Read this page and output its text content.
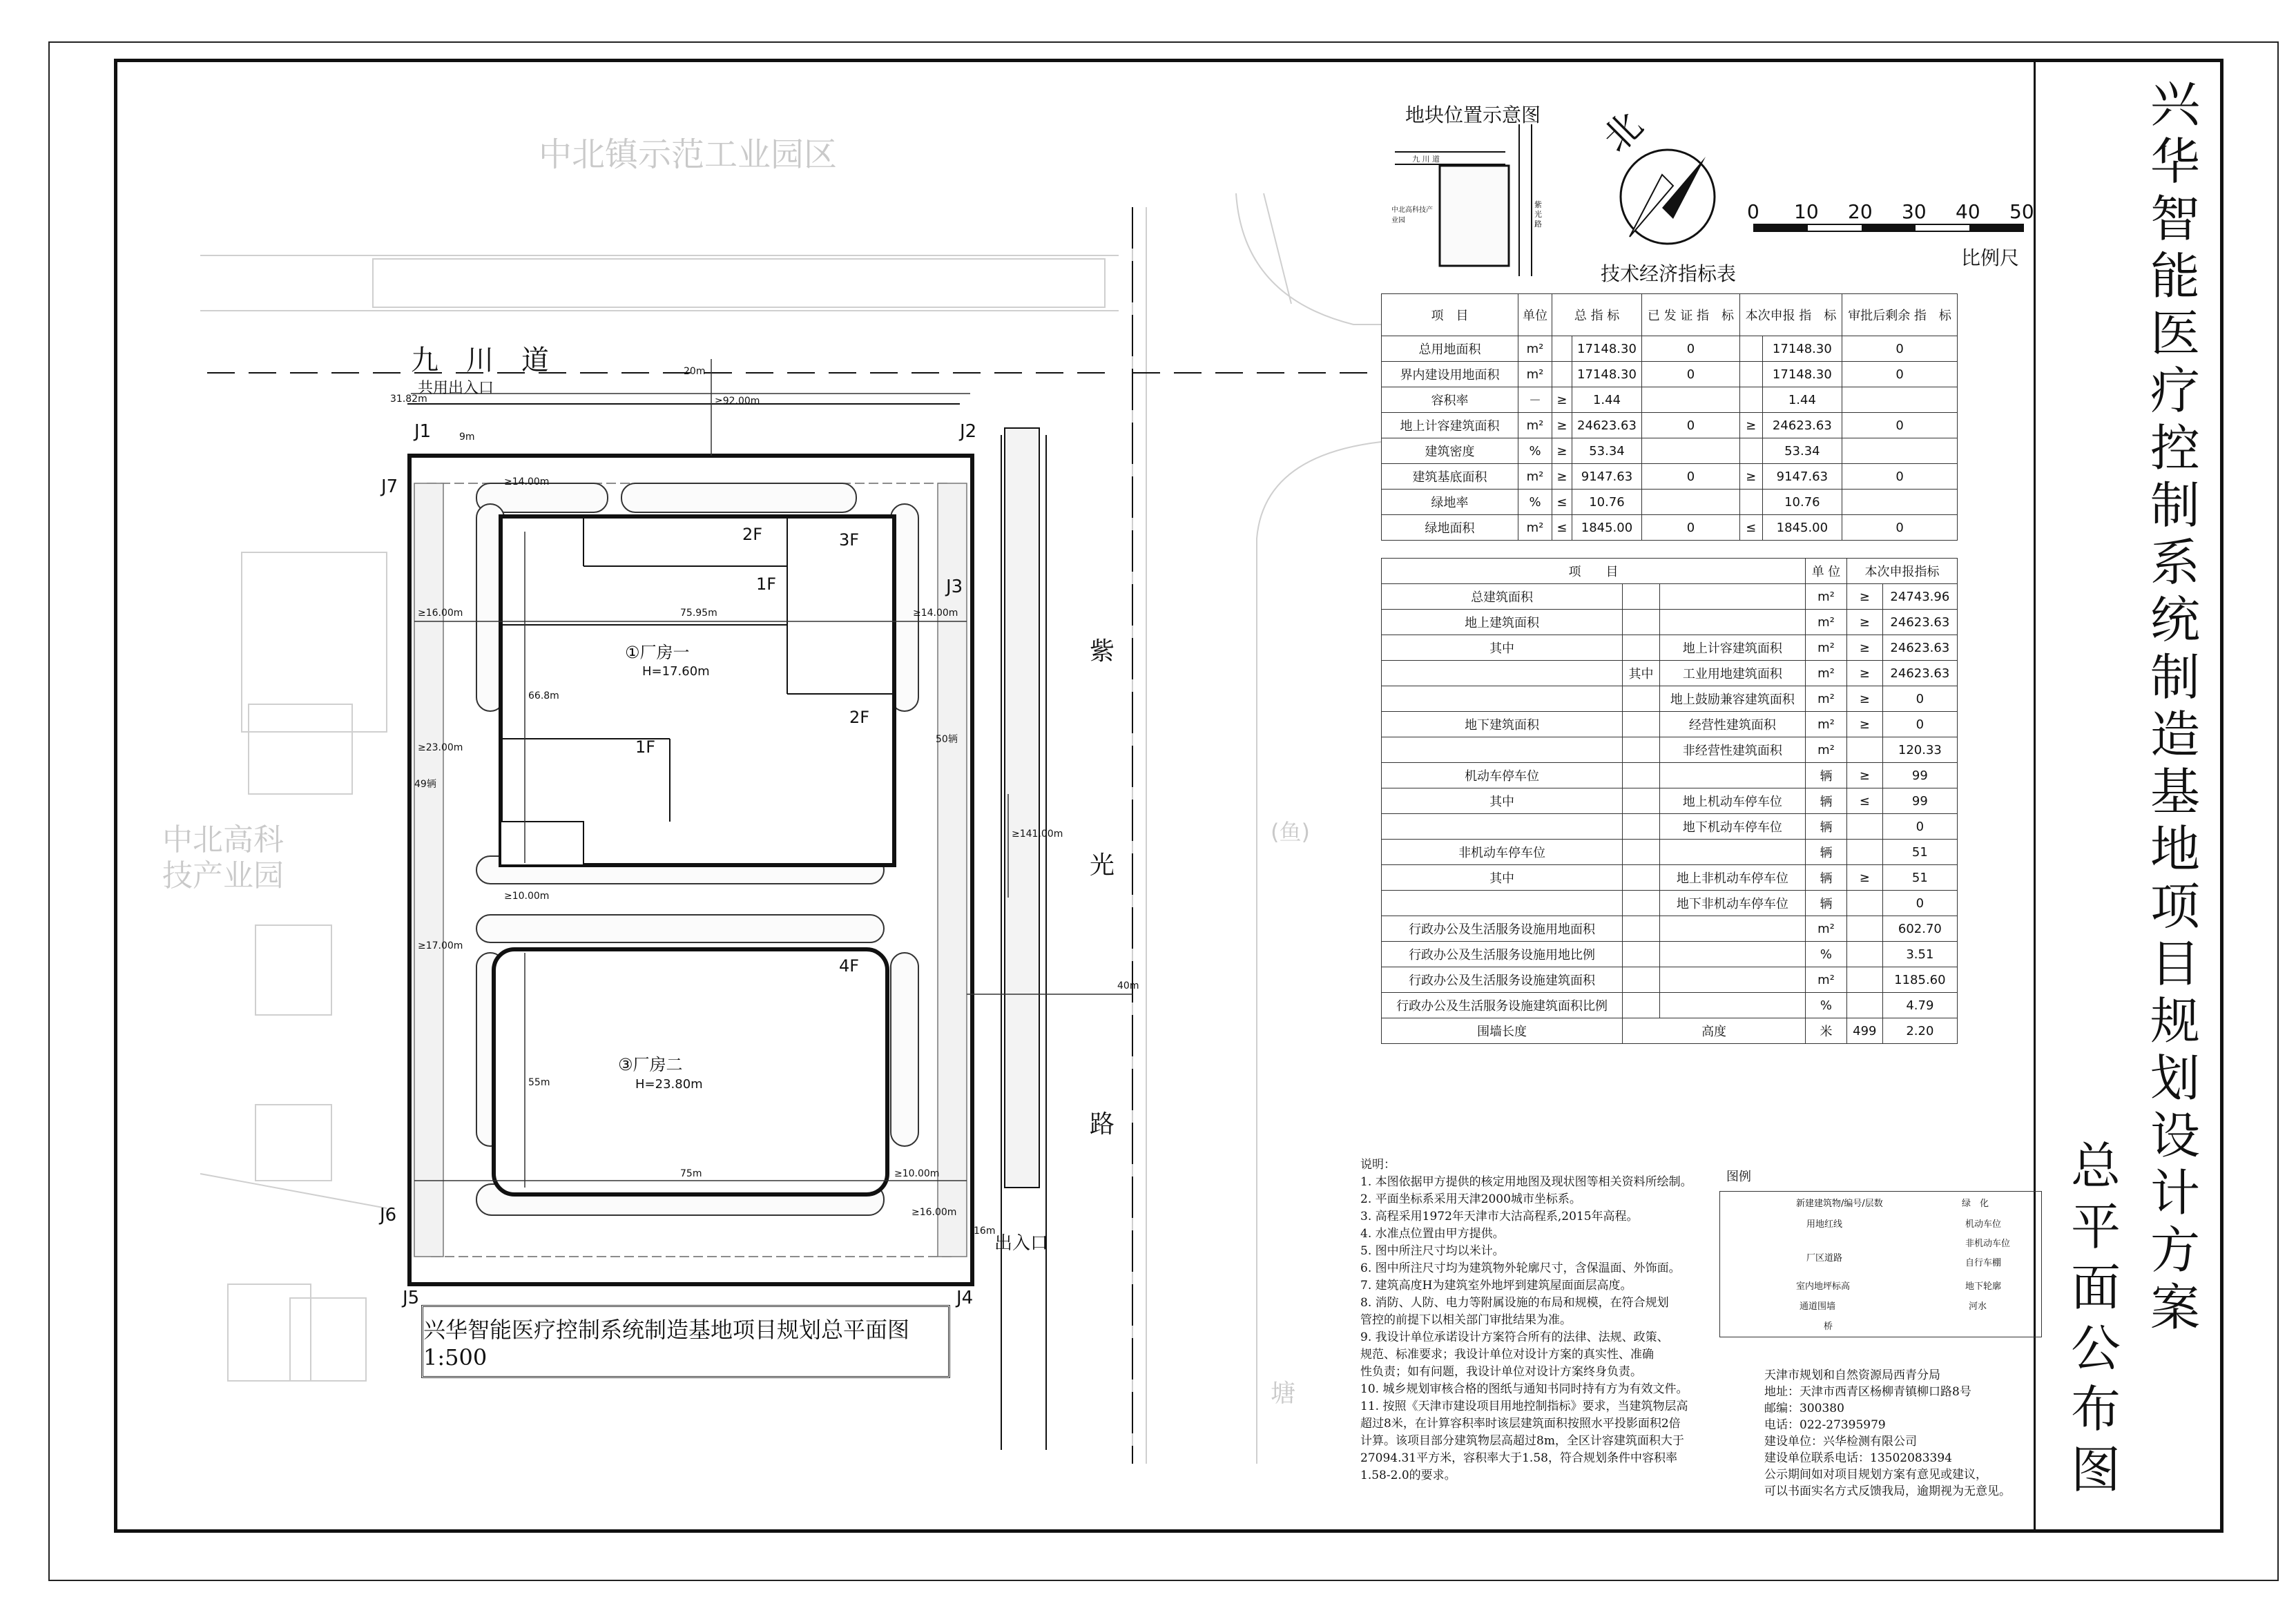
中北镇示范工业园区
中北高科
技产业园
(鱼)
塘
九　川　道
紫
光
路
共用出入口
出入口
①厂房一
H=17.60m
③厂房二
H=23.80m
2F	3F
1F
2F
1F
4F
31.82m
9m
≥92.00m
20m
75.95m
≥16.00m	≥14.00m
66.8m
≥23.00m
≥17.00m
55m
75m	≥10.00m
≥16.00m
40m
16m
≥141.00m
≥14.00m
≥10.00m
50辆
49辆
J1	J2
J3
J4
J5
J6
J7
兴华智能医疗控制系统制造基地项目规划总平面图1:500
地块位置示意图
九 川 道
紫光路
中北高科技产业园
北
0 10 20 30 40 50
比例尺
技术经济指标表
项　目	单位	总 指 标		已 发 证 指　标	本次申报 指　标		审批后剩余 指　标
总用地面积	m²		17148.30	0		17148.30	0
界内建设用地面积	m²		17148.30	0		17148.30	0
容积率	－	≥	1.44			1.44	
地上计容建筑面积	m²	≥	24623.63	0	≥	24623.63	0
建筑密度	%	≥	53.34			53.34	
建筑基底面积	m²	≥	9147.63	0	≥	9147.63	0
绿地率	%	≤	10.76			10.76	
绿地面积	m²	≤	1845.00	0	≤	1845.00	0
项　　目			单 位	本次申报指标	
总建筑面积			m²	≥	24743.96
地上建筑面积			m²	≥	24623.63
其中		地上计容建筑面积	m²	≥	24623.63
	其中	工业用地建筑面积	m²	≥	24623.63
		地上鼓励兼容建筑面积	m²	≥	0
地下建筑面积		经营性建筑面积	m²	≥	0
		非经营性建筑面积	m²		120.33
机动车停车位			辆	≥	99
其中		地上机动车停车位	辆	≤	99
		地下机动车停车位	辆		0
非机动车停车位			辆		51
其中		地上非机动车停车位	辆	≥	51
		地下非机动车停车位	辆		0
行政办公及生活服务设施用地面积			m²		602.70
行政办公及生活服务设施用地比例			%		3.51
行政办公及生活服务设施建筑面积			m²		1185.60
行政办公及生活服务设施建筑面积比例			%		4.79
围墙长度	高度		米	499	2.20

说明：

1. 本图依据甲方提供的核定用地图及现状图等相关资料所绘制。

2. 平面坐标系采用天津2000城市坐标系。

3. 高程采用1972年天津市大沽高程系,2015年高程。

4. 水准点位置由甲方提供。

5. 图中所注尺寸均以米计。

6. 图中所注尺寸均为建筑物外轮廓尺寸，含保温面、外饰面。

7. 建筑高度H为建筑室外地坪到建筑屋面面层高度。

8. 消防、人防、电力等附属设施的布局和规模，在符合规划

管控的前提下以相关部门审批结果为准。

9. 我设计单位承诺设计方案符合所有的法律、法规、政策、

规范、标准要求；我设计单位对设计方案的真实性、准确

性负责；如有问题，我设计单位对设计方案终身负责。

10. 城乡规划审核合格的图纸与通知书同时持有方为有效文件。

11. 按照《天津市建设项目用地控制指标》要求，当建筑物层高

超过8米，在计算容积率时该层建筑面积按照水平投影面积2倍

计算。该项目部分建筑物层高超过8m，全区计容建筑面积大于

27094.31平方米，容积率大于1.58，符合规划条件中容积率

1.58-2.0的要求。

图例
新建建筑物/编号/层数	绿　化
用地红线	机动车位
非机动车位
厂区道路	自行车棚
室内地坪标高	地下轮廓
通道围墙	河水
桥
天津市规划和自然资源局西青分局
地址：天津市西青区杨柳青镇柳口路8号
邮编：300380
电话：022-27395979
建设单位：兴华检测有限公司
建设单位联系电话：13502083394
公示期间如对项目规划方案有意见或建议，
可以书面实名方式反馈我局，逾期视为无意见。
兴
华
智
能
医
疗
控
制
系
统
制
造
基
地
项
目
规
划
设
计
方
案
总
平
面
公
布
图
